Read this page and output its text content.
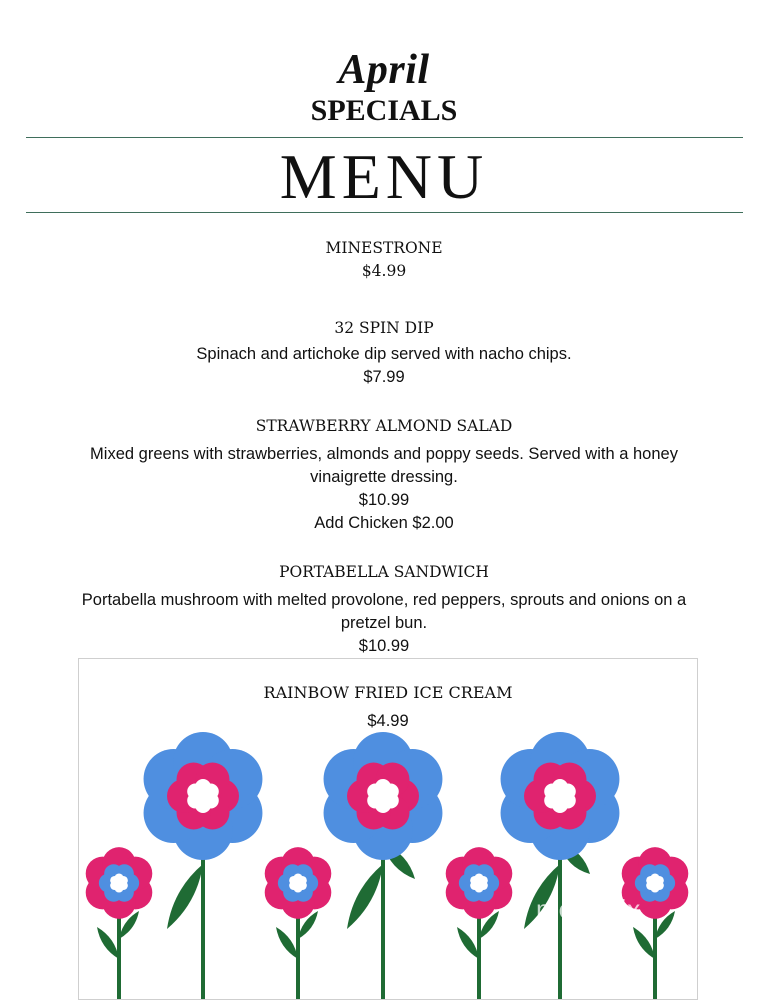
April
SPECIALS
MENU
MINESTRONE
$4.99
32 SPIN DIP
Spinach and artichoke dip served with nacho chips.
$7.99
STRAWBERRY ALMOND SALAD
Mixed greens with strawberries, almonds and poppy seeds. Served with a honey
vinaigrette dressing.
$10.99
Add Chicken $2.00
PORTABELLA SANDWICH
Portabella mushroom with melted provolone, red peppers, sprouts and onions on a
pretzel bun.
$10.99
RAINBOW FRIED ICE CREAM
$4.99
menupix
